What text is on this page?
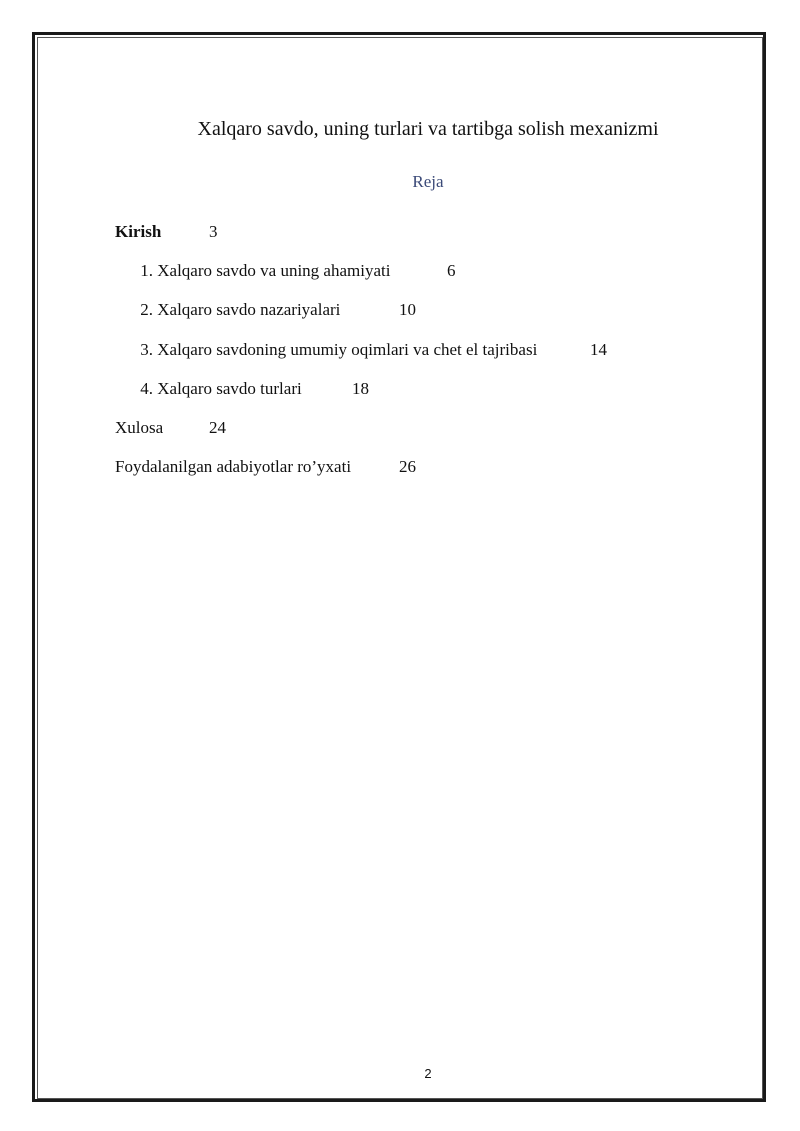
Xalqaro savdo, uning turlari va tartibga solish mexanizmi
Reja
Kirish	3
1. Xalqaro savdo va uning ahamiyati	6
2. Xalqaro savdo nazariyalari	10
3. Xalqaro savdoning umumiy oqimlari va chet el tajribasi	14
4. Xalqaro savdo turlari	18
Xulosa	24
Foydalanilgan adabiyotlar ro’yxati	26
2
